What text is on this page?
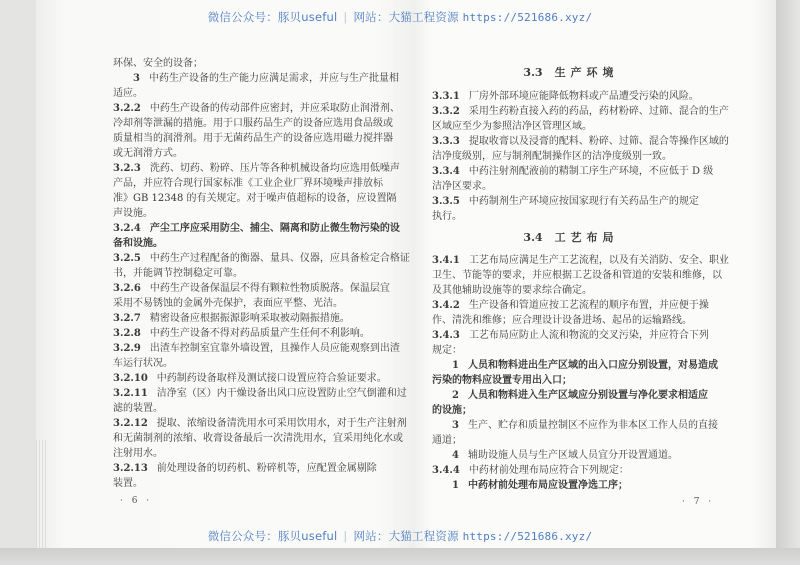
微信公众号：豚贝useful | 网站：大猫工程资源 https://521686.xyz/
微信公众号：豚贝useful | 网站：大猫工程资源 https://521686.xyz/
环保、安全的设备；
3 中药生产设备的生产能力应满足需求，并应与生产批量相
适应。
3.2.2 中药生产设备的传动部件应密封，并应采取防止润滑剂、
冷却剂等泄漏的措施。用于口服药品生产的设备应选用食品级或
质量相当的润滑剂。用于无菌药品生产的设备应选用磁力搅拌器
或无润滑方式。
3.2.3 洗药、切药、粉碎、压片等各种机械设备均应选用低噪声
产品，并应符合现行国家标准《工业企业厂界环境噪声排放标
准》GB 12348 的有关规定。对于噪声值超标的设备，应设置隔
声设施。
3.2.4 产尘工序应采用防尘、捕尘、隔离和防止微生物污染的设
备和设施。
3.2.5 中药生产过程配备的衡器、量具、仪器，应具备检定合格证
书，并能调节控制稳定可靠。
3.2.6 中药生产设备保温层不得有颗粒性物质脱落。保温层宜
采用不易锈蚀的金属外壳保护，表面应平整、光洁。
3.2.7 精密设备应根据振源影响采取被动隔振措施。
3.2.8 中药生产设备不得对药品质量产生任何不利影响。
3.2.9 出渣车控制室宜靠外墙设置，且操作人员应能观察到出渣
车运行状况。
3.2.10 中药制药设备取样及测试接口设置应符合验证要求。
3.2.11 洁净室（区）内干燥设备出风口应设置防止空气倒灌和过
滤的装置。
3.2.12 提取、浓缩设备清洗用水可采用饮用水，对于生产注射剂
和无菌制剂的浓缩、收膏设备最后一次清洗用水，宜采用纯化水或
注射用水。
3.2.13 前处理设备的切药机、粉碎机等，应配置金属剔除
装置。
· 6 ·
3.3 生产环境
3.3.1 厂房外部环境应能降低物料或产品遭受污染的风险。
3.3.2 采用生药粉直接入药的药品，药材粉碎、过筛、混合的生产
区域应至少为参照洁净区管理区域。
3.3.3 提取收膏以及浸膏的配料、粉碎、过筛、混合等操作区域的
洁净度级别，应与制剂配制操作区的洁净度级别一致。
3.3.4 中药注射剂配液前的精制工序生产环境，不应低于 D 级
洁净区要求。
3.3.5 中药制剂生产环境应按国家现行有关药品生产的规定
执行。
3.4 工艺布局
3.4.1 工艺布局应满足生产工艺流程，以及有关消防、安全、职业
卫生、节能等的要求，并应根据工艺设备和管道的安装和维修，以
及其他辅助设施等的要求综合确定。
3.4.2 生产设备和管道应按工艺流程的顺序布置，并应便于操
作、清洗和维修；应合理设计设备进场、起吊的运输路线。
3.4.3 工艺布局应防止人流和物流的交叉污染，并应符合下列
规定：
1 人员和物料进出生产区域的出入口应分别设置，对易造成
污染的物料应设置专用出入口；
2 人员和物料进入生产区域应分别设置与净化要求相适应
的设施；
3 生产、贮存和质量控制区不应作为非本区工作人员的直接
通道；
4 辅助设施人员与生产区域人员宜分开设置通道。
3.4.4 中药材前处理布局应符合下列规定：
1 中药材前处理布局应设置净选工序；
· 7 ·
